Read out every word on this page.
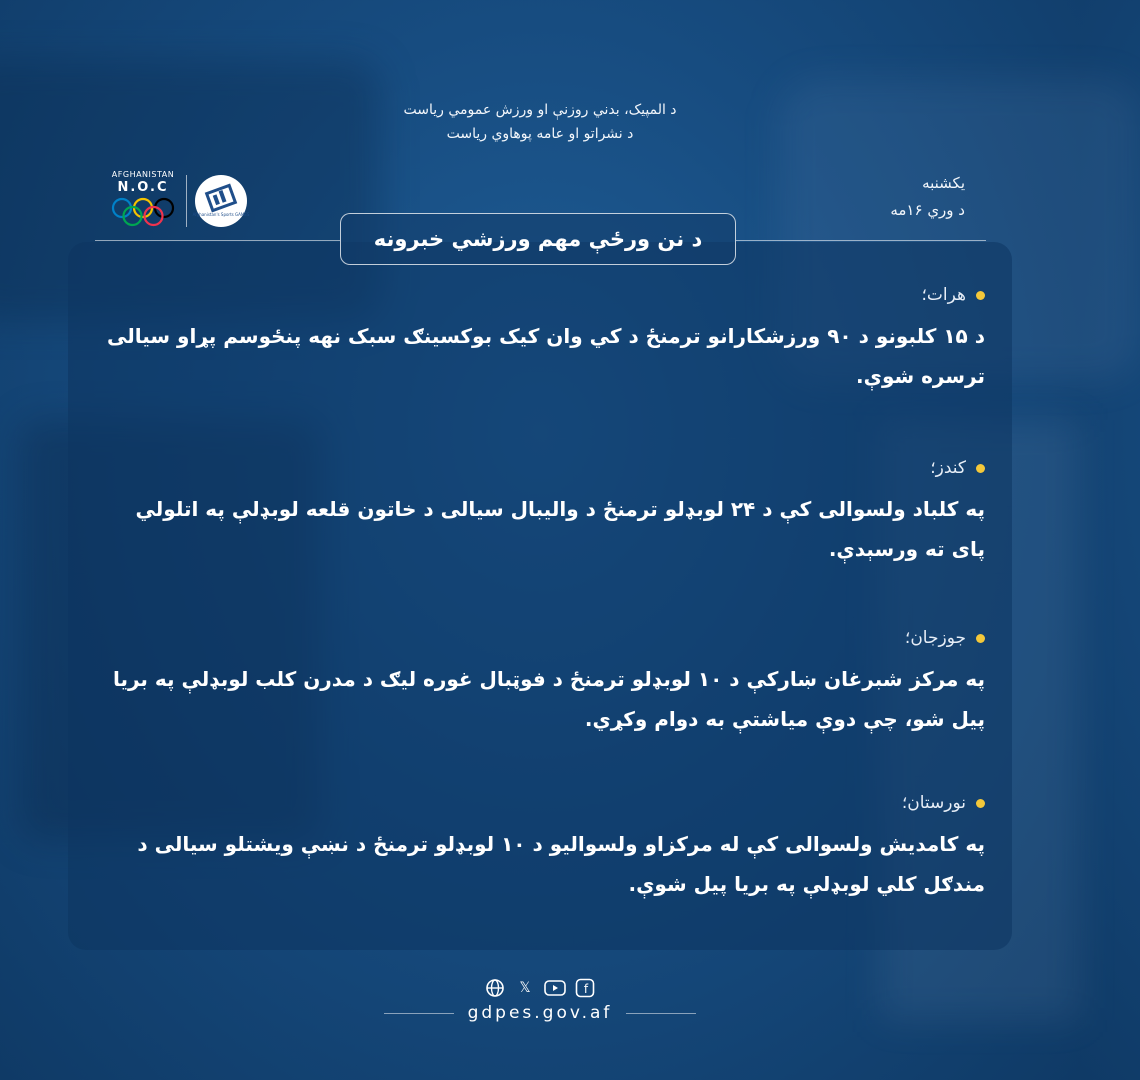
د المپیک، بدني روزنې او ورزش عمومي ریاست
د نشراتو او عامه پوهاوي ریاست
AFGHANISTAN
N.O.C
Afghanistan's Sports GAMES
یکشنبه
د وري ۱۶مه
د نن ورځې مهم ورزشي خبرونه
هرات؛
د ۱۵ کلبونو د ۹۰ ورزشکارانو ترمنځ د کي وان کيک بوکسينګ سبک نهه پنځوسم پړاو سيالی ترسره شوې.
کندز؛
په کلباد ولسوالی کې د ۲۴ لوبډلو ترمنځ د واليبال سيالی د خاتون قلعه لوبډلې په اتلولي پای ته ورسېدې.
جوزجان؛
په مرکز شبرغان ښارکې د ۱۰ لوبډلو ترمنځ د فوټبال غوره ليګ د مدرن کلب لوبډلې په بريا پيل شو، چې دوې مياشتې به دوام وکړي.
نورستان؛
په کامديش ولسوالی کې له مرکزاو ولسواليو د ۱۰ لوبډلو ترمنځ د نښې ويشتلو سيالی د مندګل کلي لوبډلې په بريا پيل شوې.
𝕏	f
gdpes.gov.af
